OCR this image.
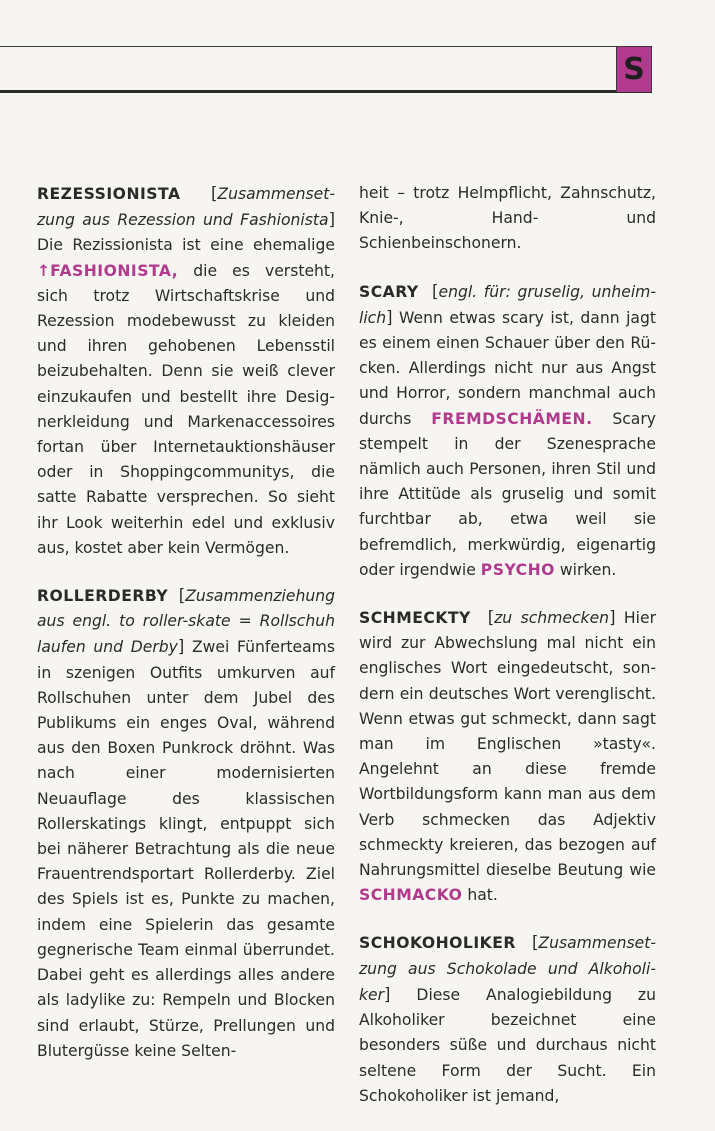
S

REZESSIONISTA [Zusammensetzung aus Rezession und Fashionista] Die Rezissionista ist eine ehemalige ↑FASHIONISTA, die es versteht, sich trotz Wirtschaftskrise und Rezession modebewusst zu kleiden und ihren gehobenen Lebensstil beizubehalten. Denn sie weiß clever einzukaufen und bestellt ihre Designerkleidung und Markenaccessoires fortan über Internetauktionshäuser oder in Shoppingcommunitys, die satte Rabatte versprechen. So sieht ihr Look weiterhin edel und exklusiv aus, kostet aber kein Vermögen.

ROLLERDERBY [Zusammenziehung aus engl. to roller-skate = Rollschuh laufen und Derby] Zwei Fünferteams in szenigen Outfits umkurven auf Rollschuhen unter dem Jubel des Publikums ein enges Oval, während aus den Boxen Punkrock dröhnt. Was nach einer modernisierten Neuauflage des klassischen Rollerskatings klingt, entpuppt sich bei näherer Betrachtung als die neue Frauentrendsportart Rollerderby. Ziel des Spiels ist es, Punkte zu machen, indem eine Spielerin das gesamte gegnerische Team einmal überrundet. Dabei geht es allerdings alles andere als ladylike zu: Rempeln und Blocken sind erlaubt, Stürze, Prellungen und Blutergüsse keine Selten-

heit – trotz Helmpflicht, Zahnschutz, Knie-, Hand- und Schienbeinschonern.

SCARY [engl. für: gruselig, unheimlich] Wenn etwas scary ist, dann jagt es einem einen Schauer über den Rücken. Allerdings nicht nur aus Angst und Horror, sondern manchmal auch durchs FREMDSCHÄMEN. Scary stempelt in der Szenesprache nämlich auch Personen, ihren Stil und ihre Attitüde als gruselig und somit furchtbar ab, etwa weil sie befremdlich, merkwürdig, eigenartig oder irgendwie PSYCHO wirken.

SCHMECKTY [zu schmecken] Hier wird zur Abwechslung mal nicht ein englisches Wort eingedeutscht, sondern ein deutsches Wort verenglischt. Wenn etwas gut schmeckt, dann sagt man im Englischen »tasty«. Angelehnt an diese fremde Wortbildungsform kann man aus dem Verb schmecken das Adjektiv schmeckty kreieren, das bezogen auf Nahrungsmittel dieselbe Beutung wie SCHMACKO hat.

SCHOKOHOLIKER [Zusammensetzung aus Schokolade und Alkoholiker] Diese Analogiebildung zu Alkoholiker bezeichnet eine besonders süße und durchaus nicht seltene Form der Sucht. Ein Schokoholiker ist jemand,
